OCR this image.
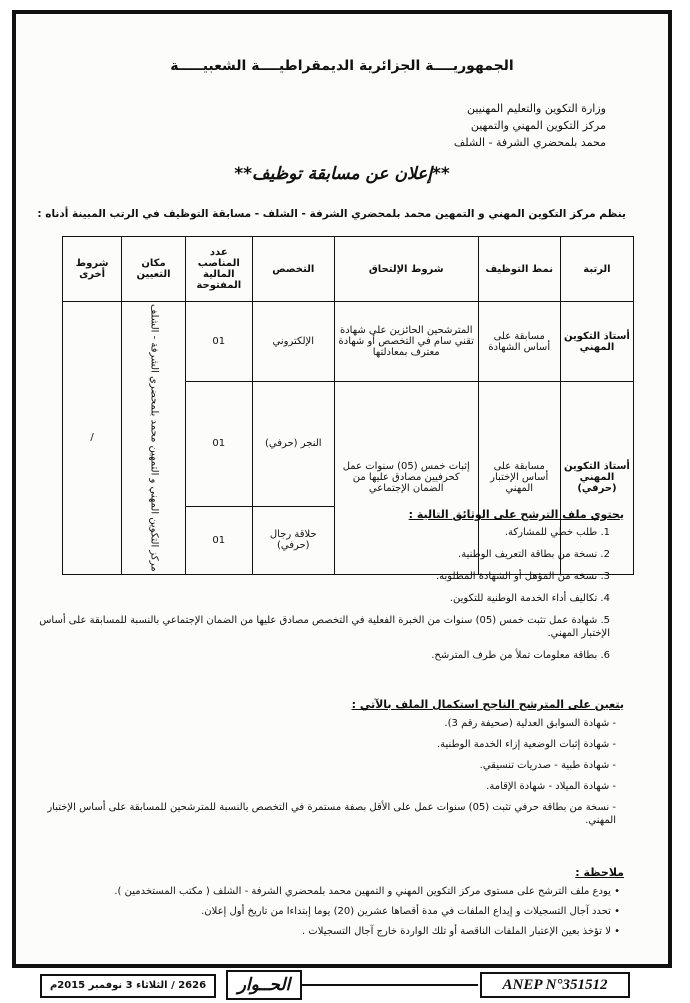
الجمهوريــــة الجزائرية الديمقراطيــــة الشعبيـــــة
وزارة التكوين والتعليم المهنيين
مركز التكوين المهني والتمهين
محمد بلمحضري الشرفة - الشلف
**إعلان عن مسابقة توظيف**
ينظم مركز التكوين المهني و التمهين محمد بلمحضري الشرفة - الشلف - مسابقة التوظيف في الرتب المبينة أدناه :
الرتبة	نمط التوظيف	شروط الإلتحاق	التخصص	عدد المناصب المالية المفتوحة	مكان التعيين	شروط أخرى
أستاذ التكوين المهني	مسابقة على أساس الشهادة	المترشحين الحائزين على شهادة تقني سام في التخصص أو شهادة معترف بمعادلتها	الإلكتروني	01	مركز التكوين المهني و التمهين محمد بلمحضري الشرفة - الشلف	/
أستاذ التكوين المهني (حرفي)	مسابقة على أساس الإختبار المهني	إثبات خمس (05) سنوات عمل كحرفيين مصادق عليها من الضمان الإجتماعي	النجر (حرفي)	01		
			حلاقة رجال (حرفي)	01		
يحتوي ملف الترشح على الوثائق التالية :
1. طلب خطي للمشاركة.
2. نسخة من بطاقة التعريف الوطنية.
3. نسخة من المؤهل أو الشهادة المطلوبة.
4. تكاليف أداء الخدمة الوطنية للتكوين.
5. شهادة عمل تثبت خمس (05) سنوات من الخبرة الفعلية في التخصص مصادق عليها من الضمان الإجتماعي بالنسبة للمسابقة على أساس الإختبار المهني.
6. بطاقة معلومات تملأ من طرف المترشح.
يتعين على المترشح الناجح استكمال الملف بالآتي :
- شهادة السوابق العدلية (صحيفة رقم 3).
- شهادة إثبات الوضعية إزاء الخدمة الوطنية.
- شهادة طبية - صدريات تنسيقي.
- شهادة الميلاد - شهادة الإقامة.
- نسخة من بطاقة حرفي تثبت (05) سنوات عمل على الأقل بصفة مستمرة في التخصص بالنسبة للمترشحين للمسابقة على أساس الإختبار المهني.
ملاحظة :
• يودع ملف الترشح على مستوى مركز التكوين المهني و التمهين محمد بلمحضري الشرفة - الشلف ( مكتب المستخدمين ).
• تحدد آجال التسجيلات و إيداع الملفات في مدة أقصاها عشرين (20) يوما إبتداءا من تاريخ أول إعلان.
• لا تؤخذ بعين الإعتبار الملفات الناقصة أو تلك الواردة خارج آجال التسجيلات .
2626 / الثلاثاء 3 نوفمبر 2015م	الحــوار	ANEP N°351512
